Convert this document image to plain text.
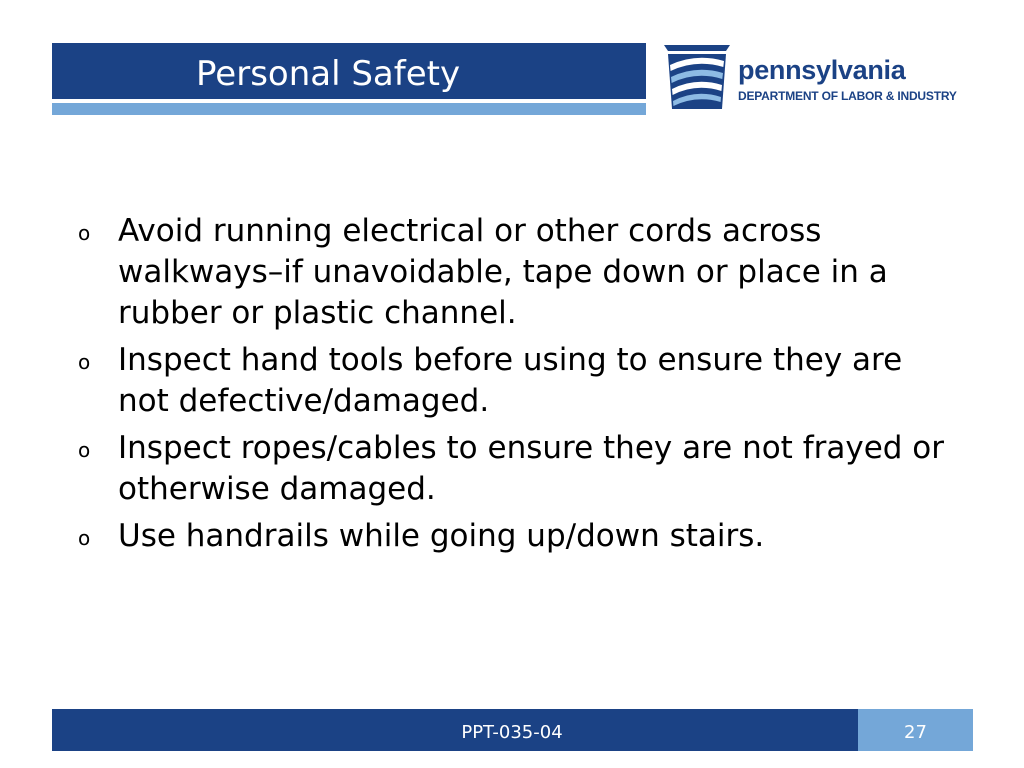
Personal Safety	pennsylvania
DEPARTMENT OF LABOR & INDUSTRY
o Avoid running electrical or other cords across walkways–if unavoidable, tape down or place in a rubber or plastic channel.
o Inspect hand tools before using to ensure they are not defective/damaged.
o Inspect ropes/cables to ensure they are not frayed or otherwise damaged.
o Use handrails while going up/down stairs.
PPT-035-04	27
